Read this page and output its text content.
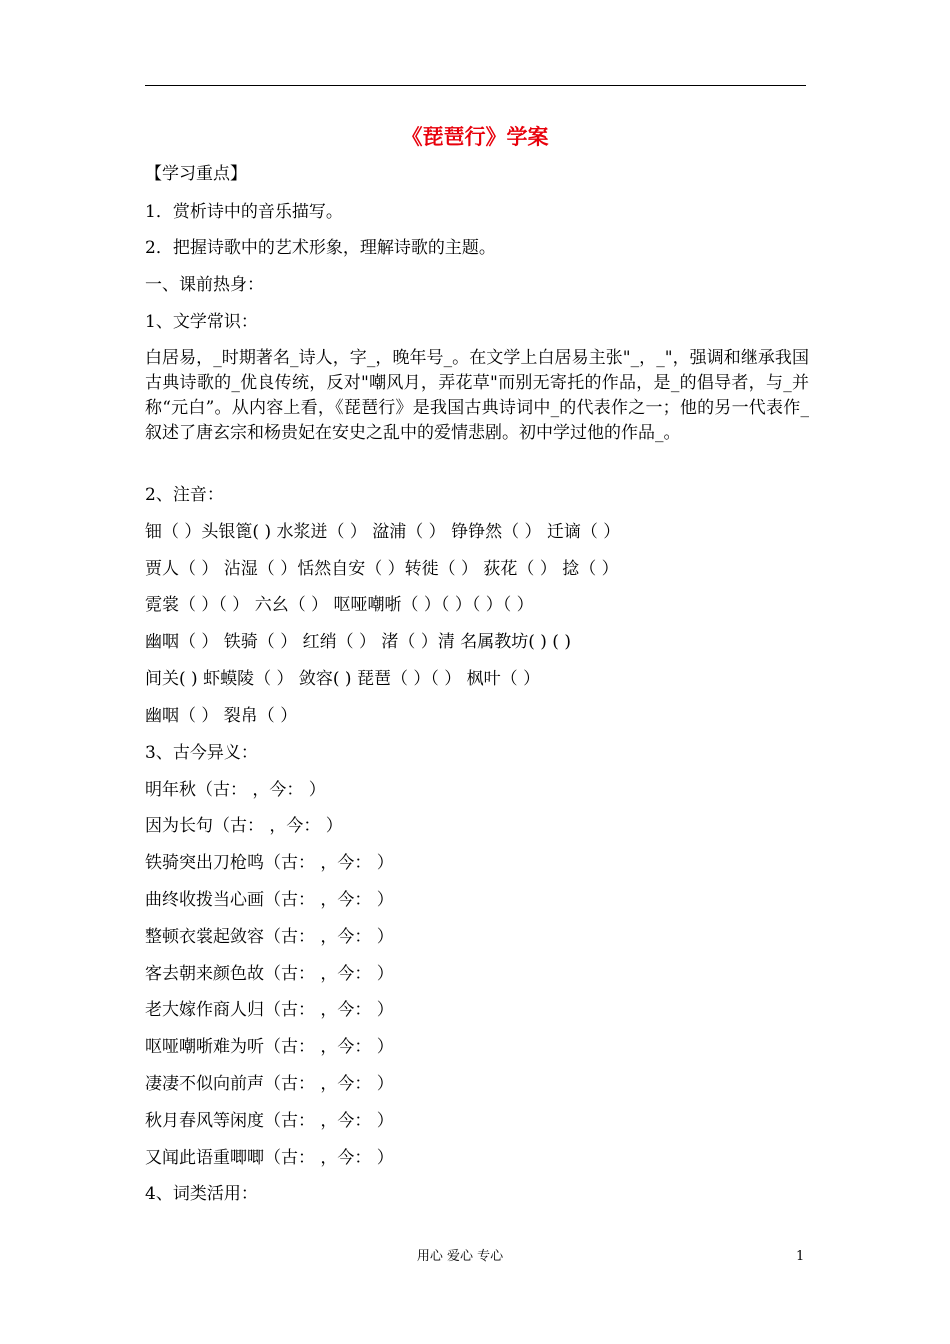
《琵琶行》学案
【学习重点】
1．赏析诗中的音乐描写。
2．把握诗歌中的艺术形象，理解诗歌的主题。
一、课前热身：
1、文学常识：
白居易，_时期著名_诗人，字_，晚年号_。在文学上白居易主张"_，_"，强调和继承我国古典诗歌的_优良传统，反对"嘲风月，弄花草"而别无寄托的作品，是_的倡导者，与_并称“元白”。从内容上看，《琵琶行》是我国古典诗词中_的代表作之一；他的另一代表作_叙述了唐玄宗和杨贵妃在安史之乱中的爱情悲剧。初中学过他的作品_。
2、注音：
钿（ ）头银篦( ) 水浆迸（ ） 湓浦（ ） 铮铮然（ ） 迁谪（ ）
贾人（ ） 沾湿（ ）恬然自安（ ）转徙（ ） 荻花（ ） 捻（ ）
霓裳（ ）（ ） 六幺（ ） 呕哑嘲哳（ ）（ ）（ ）（ ）
幽咽（ ） 铁骑（ ） 红绡（ ） 渚（ ）清 名属教坊( ) ( )
间关( ) 虾蟆陵（ ） 敛容( ) 琵琶（ ）（ ） 枫叶（ ）
幽咽（ ） 裂帛（ ）
3、古今异义：
明年秋（古： ，今： ）
因为长句（古： ，今： ）
铁骑突出刀枪鸣（古： ，今： ）
曲终收拨当心画（古： ，今： ）
整顿衣裳起敛容（古： ，今： ）
客去朝来颜色故（古： ，今： ）
老大嫁作商人归（古： ，今： ）
呕哑嘲哳难为听（古： ，今： ）
凄凄不似向前声（古： ，今： ）
秋月春风等闲度（古： ，今： ）
又闻此语重唧唧（古： ，今： ）
4、词类活用：
用心 爱心 专心	1
